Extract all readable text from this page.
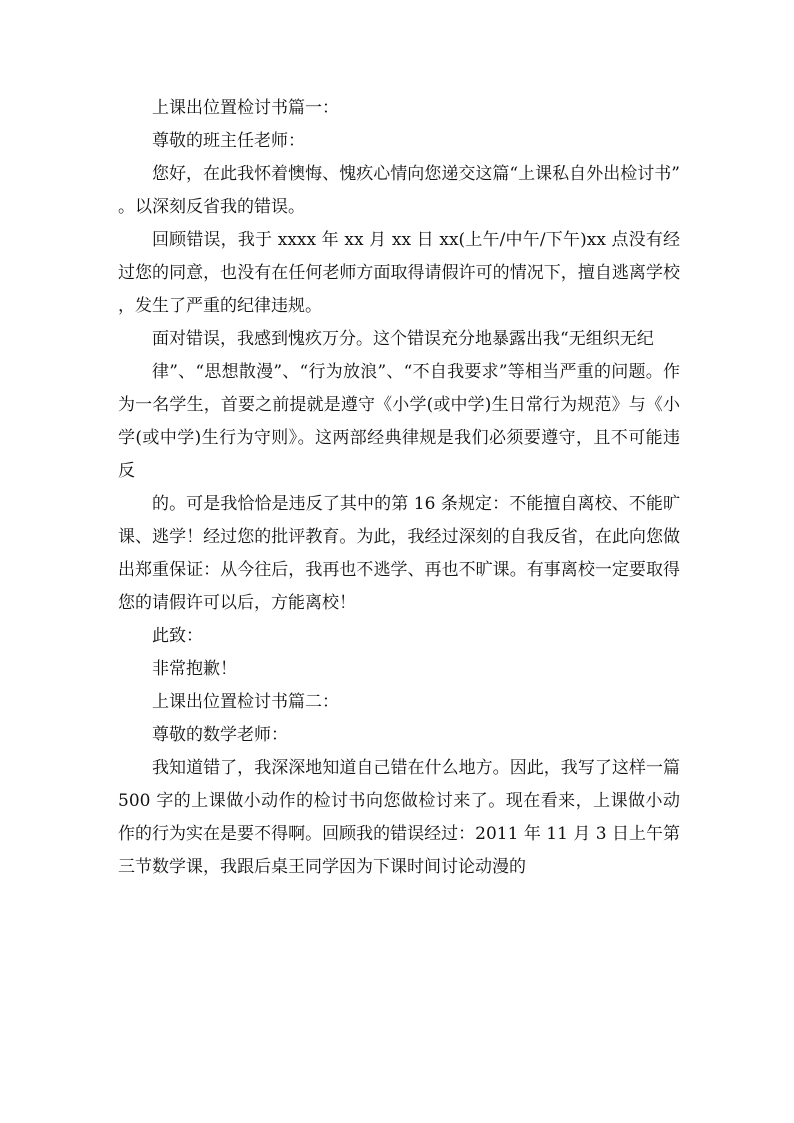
上课出位置检讨书篇一：

尊敬的班主任老师：

您好，在此我怀着懊悔、愧疚心情向您递交这篇“上课私自外出检讨书”。以深刻反省我的错误。

回顾错误，我于 xxxx 年 xx 月 xx 日 xx(上午/中午/下午)xx 点没有经过您的同意，也没有在任何老师方面取得请假许可的情况下，擅自逃离学校，发生了严重的纪律违规。

面对错误，我感到愧疚万分。这个错误充分地暴露出我“无组织无纪

律”、“思想散漫”、“行为放浪”、“不自我要求”等相当严重的问题。作为一名学生，首要之前提就是遵守《小学(或中学)生日常行为规范》与《小学(或中学)生行为守则》。这两部经典律规是我们必须要遵守，且不可能违反

的。可是我恰恰是违反了其中的第 16 条规定：不能擅自离校、不能旷课、逃学！经过您的批评教育。为此，我经过深刻的自我反省，在此向您做出郑重保证：从今往后，我再也不逃学、再也不旷课。有事离校一定要取得您的请假许可以后，方能离校！

此致：

非常抱歉！

上课出位置检讨书篇二：

尊敬的数学老师：

我知道错了，我深深地知道自己错在什么地方。因此，我写了这样一篇 500 字的上课做小动作的检讨书向您做检讨来了。现在看来，上课做小动作的行为实在是要不得啊。回顾我的错误经过：2011 年 11 月 3 日上午第三节数学课，我跟后桌王同学因为下课时间讨论动漫的
